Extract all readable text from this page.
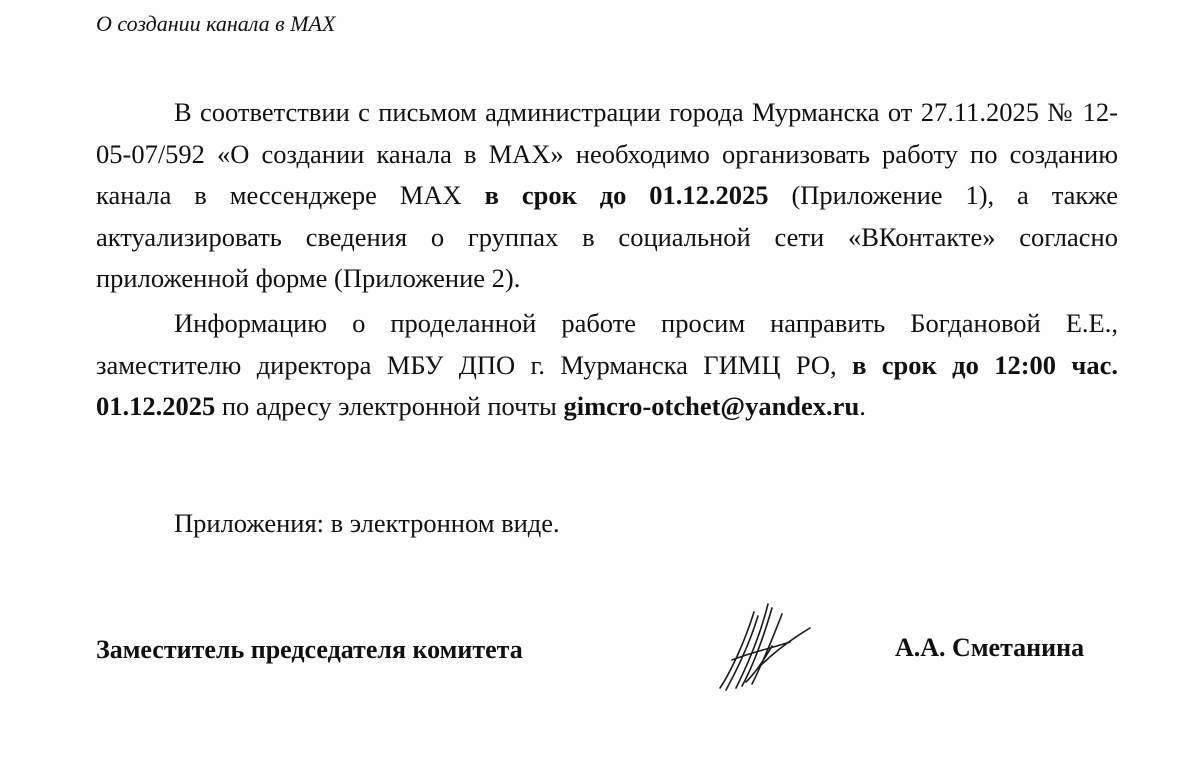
О создании канала в МАХ

В соответствии с письмом администрации города Мурманска от 27.11.2025 № 12-05-07/592 «О создании канала в МАХ» необходимо организовать работу по созданию канала в мессенджере МАХ в срок до 01.12.2025 (Приложение 1), а также актуализировать сведения о группах в социальной сети «ВКонтакте» согласно приложенной форме (Приложение 2).

Информацию о проделанной работе просим направить Богдановой Е.Е., заместителю директора МБУ ДПО г. Мурманска ГИМЦ РО, в срок до 12:00 час. 01.12.2025 по адресу электронной почты gimcro-otchet@yandex.ru.

Приложения: в электронном виде.
Заместитель председателя комитета	А.А. Сметанина
